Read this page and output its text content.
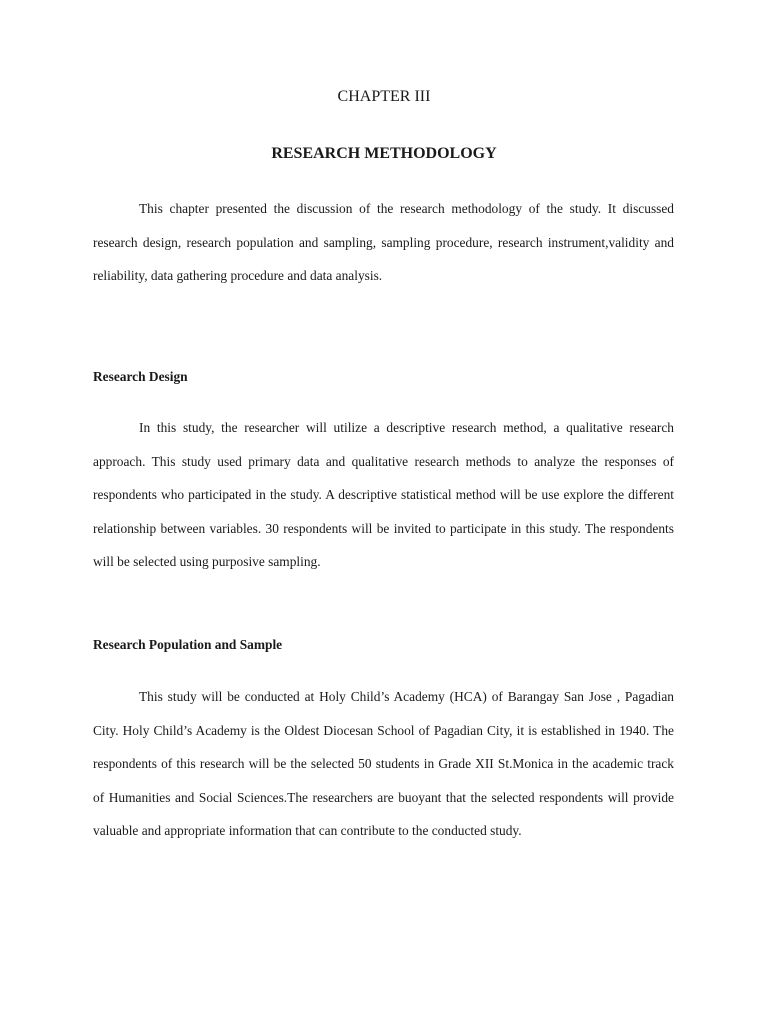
CHAPTER III
RESEARCH METHODOLOGY

This chapter presented the discussion of the research methodology of the study. It discussed research design, research population and sampling, sampling procedure, research instrument,validity and reliability, data gathering procedure and data analysis.

Research Design

In this study, the researcher will utilize a descriptive research method, a qualitative research approach. This study used primary data and qualitative research methods to analyze the responses of respondents who participated in the study. A descriptive statistical method will be use explore the different relationship between variables. 30 respondents will be invited to participate in this study. The respondents will be selected using purposive sampling.

Research Population and Sample

This study will be conducted at Holy Child’s Academy (HCA) of Barangay San Jose , Pagadian City. Holy Child’s Academy is the Oldest Diocesan School of Pagadian City, it is established in 1940. The respondents of this research will be the selected 50 students in Grade XII St.Monica in the academic track of Humanities and Social Sciences.The researchers are buoyant that the selected respondents will provide valuable and appropriate information that can contribute to the conducted study.
